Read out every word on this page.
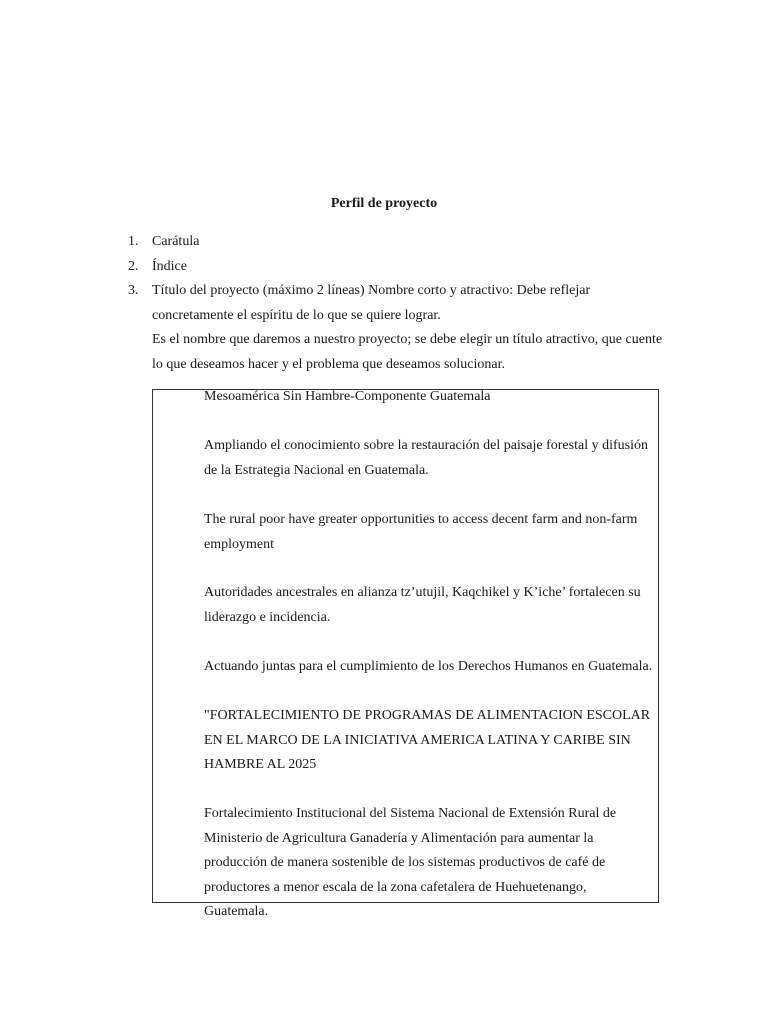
Perfil de proyecto
1. Carátula
2. Índice
3. Título del proyecto (máximo 2 líneas) Nombre corto y atractivo: Debe reflejar
concretamente el espíritu de lo que se quiere lograr.
Es el nombre que daremos a nuestro proyecto; se debe elegir un título atractivo, que cuente
lo que deseamos hacer y el problema que deseamos solucionar.

Mesoamérica Sin Hambre-Componente Guatemala

Ampliando el conocimiento sobre la restauración del paisaje forestal y difusión de la Estrategia Nacional en Guatemala.

The rural poor have greater opportunities to access decent farm and non-farm employment

Autoridades ancestrales en alianza tz’utujil, Kaqchikel y K’iche’ fortalecen su liderazgo e incidencia.

Actuando juntas para el cumplimiento de los Derechos Humanos en Guatemala.

"FORTALECIMIENTO DE PROGRAMAS DE ALIMENTACION ESCOLAR EN EL MARCO DE LA INICIATIVA AMERICA LATINA Y CARIBE SIN HAMBRE AL 2025

Fortalecimiento Institucional del Sistema Nacional de Extensión Rural de Ministerio de Agricultura Ganadería y Alimentación para aumentar la producción de manera sostenible de los sistemas productivos de café de productores a menor escala de la zona cafetalera de Huehuetenango, Guatemala.
